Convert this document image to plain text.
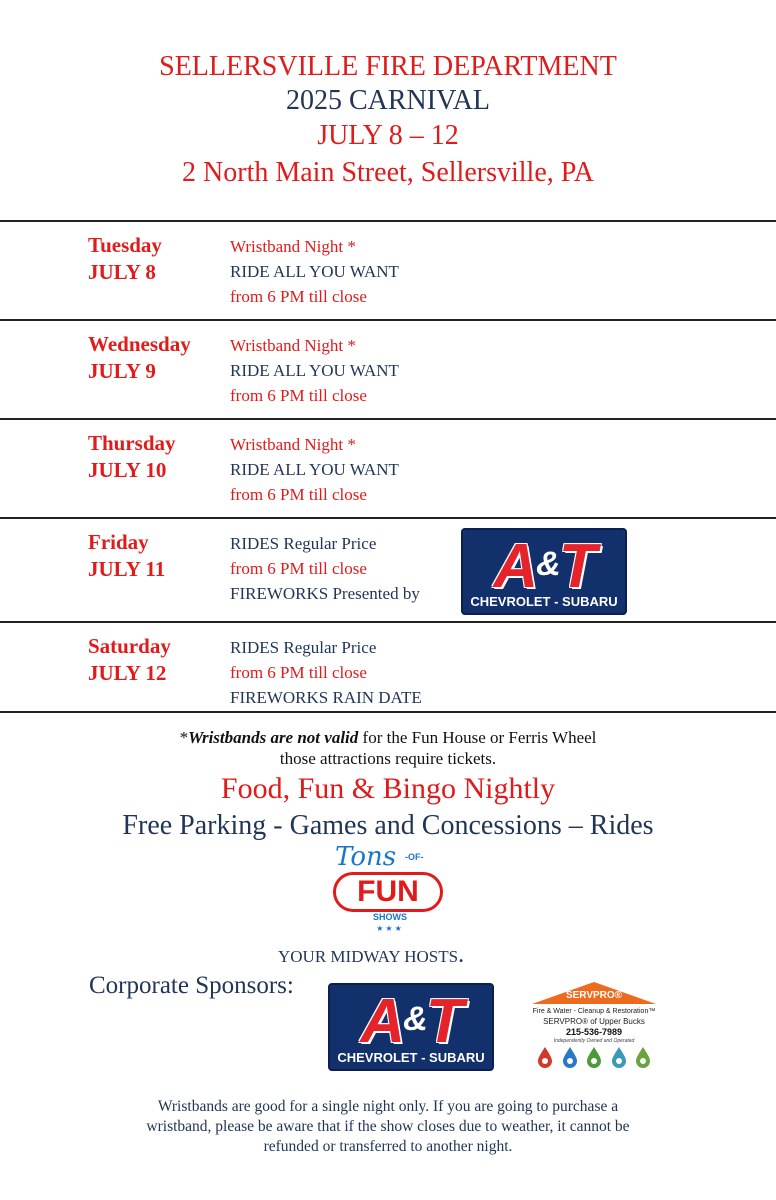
SELLERSVILLE FIRE DEPARTMENT
2025 CARNIVAL
JULY 8 – 12
2 North Main Street, Sellersville, PA
Tuesday
JULY 8
Wristband Night *
RIDE ALL YOU WANT
from 6 PM till close
Wednesday
JULY 9
Wristband Night *
RIDE ALL YOU WANT
from 6 PM till close
Thursday
JULY 10
Wristband Night *
RIDE ALL YOU WANT
from 6 PM till close
Friday
JULY 11
RIDES Regular Price
from 6 PM till close
FIREWORKS Presented by	A&T
CHEVROLET - SUBARU
Saturday
JULY 12
RIDES Regular Price
from 6 PM till close
FIREWORKS RAIN DATE
*Wristbands are not valid for the Fun House or Ferris Wheel
those attractions require tickets.
Food, Fun & Bingo Nightly
Free Parking - Games and Concessions – Rides
Tons -OF-
FUN
SHOWS
★★★
YOUR MIDWAY HOSTS.
Corporate Sponsors:
A&T
CHEVROLET - SUBARU
SERVPRO®
Fire & Water - Cleanup & Restoration™
SERVPRO® of Upper Bucks
215-536-7989
Independently Owned and Operated
Wristbands are good for a single night only. If you are going to purchase a
wristband, please be aware that if the show closes due to weather, it cannot be
refunded or transferred to another night.
